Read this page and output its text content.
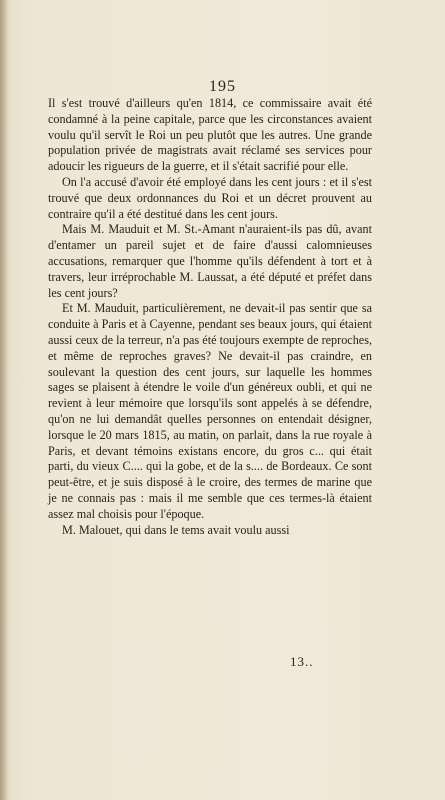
195

Il s'est trouvé d'ailleurs qu'en 1814, ce commissaire avait été condamné à la peine capitale, parce que les circonstances avaient voulu qu'il servît le Roi un peu plutôt que les autres. Une grande population privée de magistrats avait réclamé ses services pour adoucir les rigueurs de la guerre, et il s'était sacrifié pour elle.

On l'a accusé d'avoir été employé dans les cent jours : et il s'est trouvé que deux ordonnances du Roi et un décret prouvent au contraire qu'il a été destitué dans les cent jours.

Mais M. Mauduit et M. St.-Amant n'auraient-ils pas dû, avant d'entamer un pareil sujet et de faire d'aussi calomnieuses accusations, remarquer que l'homme qu'ils défendent à tort et à travers, leur irréprochable M. Laussat, a été député et préfet dans les cent jours?

Et M. Mauduit, particulièrement, ne devait-il pas sentir que sa conduite à Paris et à Cayenne, pendant ses beaux jours, qui étaient aussi ceux de la terreur, n'a pas été toujours exempte de reproches, et même de reproches graves? Ne devait-il pas craindre, en soulevant la question des cent jours, sur laquelle les hommes sages se plaisent à étendre le voile d'un généreux oubli, et qui ne revient à leur mémoire que lorsqu'ils sont appelés à se défendre, qu'on ne lui demandât quelles personnes on entendait désigner, lorsque le 20 mars 1815, au matin, on parlait, dans la rue royale à Paris, et devant témoins existans encore, du gros c... qui était parti, du vieux C.... qui la gobe, et de la s.... de Bordeaux. Ce sont peut-être, et je suis disposé à le croire, des termes de marine que je ne connais pas : mais il me semble que ces termes-là étaient assez mal choisis pour l'époque.

M. Malouet, qui dans le tems avait voulu aussi

13..
